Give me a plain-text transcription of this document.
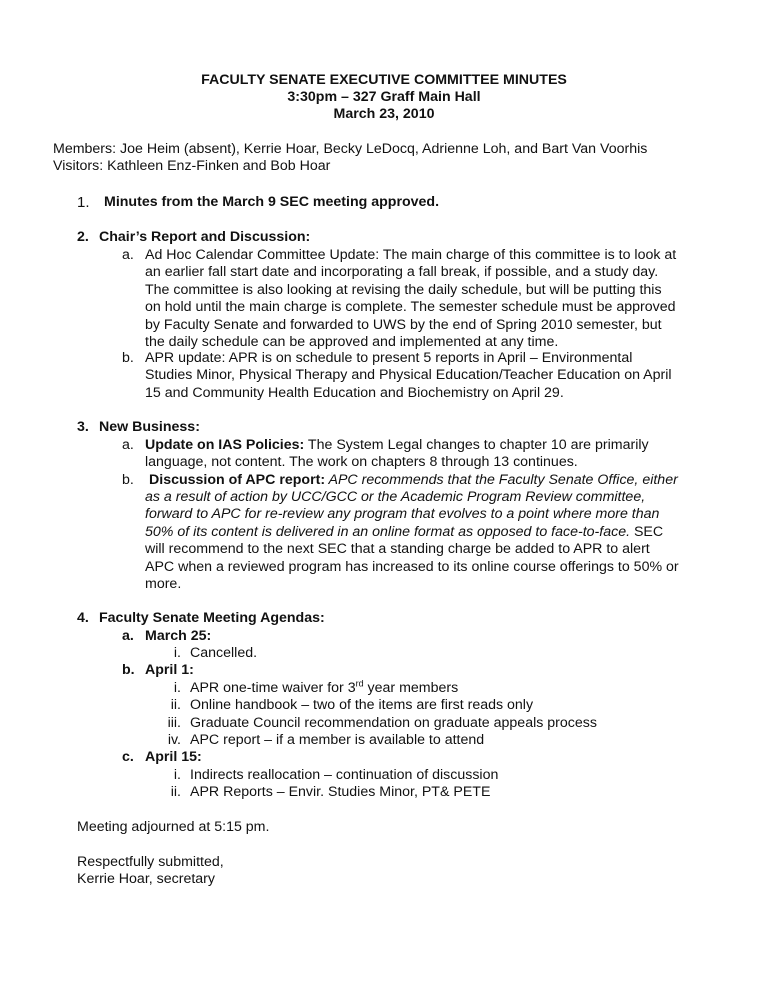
FACULTY SENATE EXECUTIVE COMMITTEE MINUTES
3:30pm – 327 Graff Main Hall
March 23, 2010
Members: Joe Heim (absent), Kerrie Hoar, Becky LeDocq, Adrienne Loh, and Bart Van Voorhis
Visitors: Kathleen Enz-Finken and Bob Hoar
1. Minutes from the March 9 SEC meeting approved.
2. Chair’s Report and Discussion:
a. Ad Hoc Calendar Committee Update: The main charge of this committee is to look at
an earlier fall start date and incorporating a fall break, if possible, and a study day.
The committee is also looking at revising the daily schedule, but will be putting this
on hold until the main charge is complete. The semester schedule must be approved
by Faculty Senate and forwarded to UWS by the end of Spring 2010 semester, but
the daily schedule can be approved and implemented at any time.
b. APR update: APR is on schedule to present 5 reports in April – Environmental
Studies Minor, Physical Therapy and Physical Education/Teacher Education on April
15 and Community Health Education and Biochemistry on April 29.
3. New Business:
a. Update on IAS Policies: The System Legal changes to chapter 10 are primarily
language, not content. The work on chapters 8 through 13 continues.
b. Discussion of APC report: APC recommends that the Faculty Senate Office, either
as a result of action by UCC/GCC or the Academic Program Review committee,
forward to APC for re-review any program that evolves to a point where more than
50% of its content is delivered in an online format as opposed to face-to-face. SEC
will recommend to the next SEC that a standing charge be added to APR to alert
APC when a reviewed program has increased to its online course offerings to 50% or
more.
4. Faculty Senate Meeting Agendas:
a. March 25:
i. Cancelled.
b. April 1:
i. APR one-time waiver for 3rd year members
ii. Online handbook – two of the items are first reads only
iii. Graduate Council recommendation on graduate appeals process
iv. APC report – if a member is available to attend
c. April 15:
i. Indirects reallocation – continuation of discussion
ii. APR Reports – Envir. Studies Minor, PT& PETE
Meeting adjourned at 5:15 pm.
Respectfully submitted,
Kerrie Hoar, secretary
